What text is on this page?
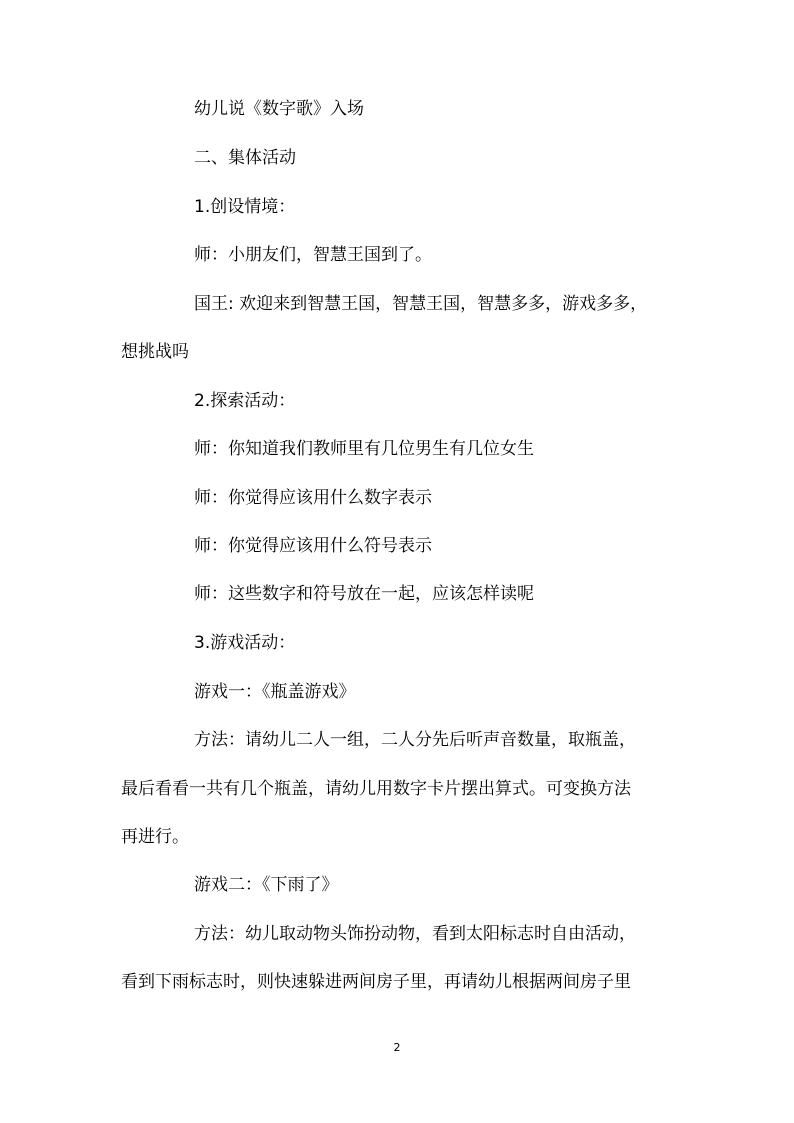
幼儿说《数字歌》入场
二、集体活动
1.创设情境：
师：小朋友们，智慧王国到了。
国王: 欢迎来到智慧王国，智慧王国，智慧多多，游戏多多，
想挑战吗
2.探索活动：
师：你知道我们教师里有几位男生有几位女生
师：你觉得应该用什么数字表示
师：你觉得应该用什么符号表示
师：这些数字和符号放在一起，应该怎样读呢
3.游戏活动：
游戏一：《瓶盖游戏》
方法：请幼儿二人一组，二人分先后听声音数量，取瓶盖，
最后看看一共有几个瓶盖，请幼儿用数字卡片摆出算式。可变换方法
再进行。
游戏二：《下雨了》
方法：幼儿取动物头饰扮动物，看到太阳标志时自由活动，
看到下雨标志时，则快速躲进两间房子里，再请幼儿根据两间房子里
2
